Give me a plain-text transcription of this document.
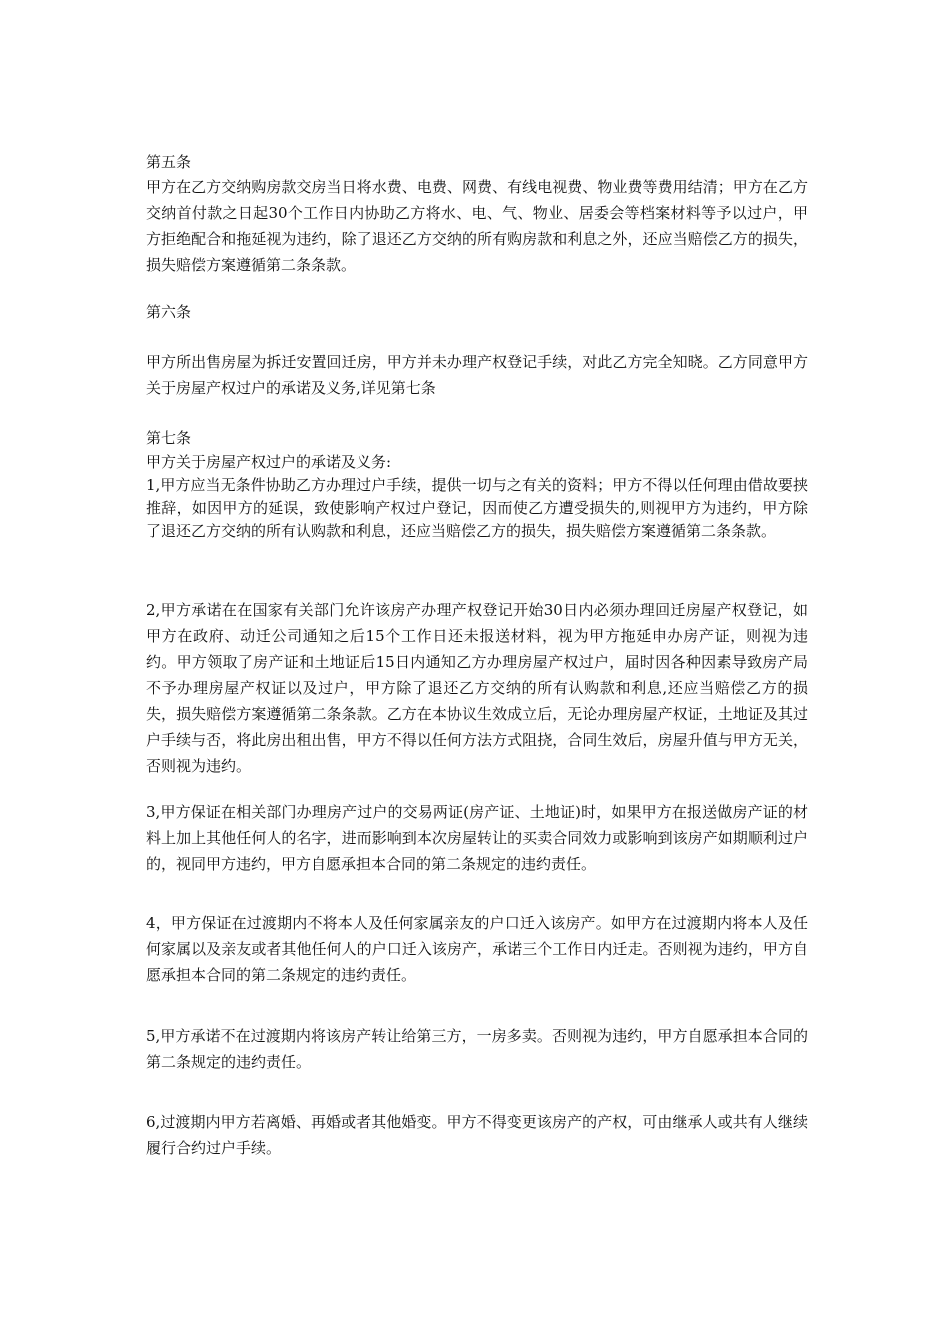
第五条
甲方在乙方交纳购房款交房当日将水费、电费、网费、有线电视费、物业费等费用结清；甲方在乙方交纳首付款之日起30个工作日内协助乙方将水、电、气、物业、居委会等档案材料等予以过户，甲方拒绝配合和拖延视为违约，除了退还乙方交纳的所有购房款和利息之外，还应当赔偿乙方的损失，损失赔偿方案遵循第二条条款。
第六条
甲方所出售房屋为拆迁安置回迁房，甲方并未办理产权登记手续，对此乙方完全知晓。乙方同意甲方关于房屋产权过户的承诺及义务,详见第七条
第七条
甲方关于房屋产权过户的承诺及义务:
1,甲方应当无条件协助乙方办理过户手续，提供一切与之有关的资料；甲方不得以任何理由借故要挟推辞，如因甲方的延误，致使影响产权过户登记，因而使乙方遭受损失的,则视甲方为违约，甲方除了退还乙方交纳的所有认购款和利息，还应当赔偿乙方的损失，损失赔偿方案遵循第二条条款。
2,甲方承诺在在国家有关部门允许该房产办理产权登记开始30日内必须办理回迁房屋产权登记，如甲方在政府、动迁公司通知之后15个工作日还未报送材料，视为甲方拖延申办房产证，则视为违约。甲方领取了房产证和土地证后15日内通知乙方办理房屋产权过户，届时因各种因素导致房产局不予办理房屋产权证以及过户，甲方除了退还乙方交纳的所有认购款和利息,还应当赔偿乙方的损失，损失赔偿方案遵循第二条条款。乙方在本协议生效成立后，无论办理房屋产权证，土地证及其过户手续与否，将此房出租出售，甲方不得以任何方法方式阻挠，合同生效后，房屋升值与甲方无关，否则视为违约。
3,甲方保证在相关部门办理房产过户的交易两证(房产证、土地证)时，如果甲方在报送做房产证的材料上加上其他任何人的名字，进而影响到本次房屋转让的买卖合同效力或影响到该房产如期顺利过户的，视同甲方违约，甲方自愿承担本合同的第二条规定的违约责任。
4，甲方保证在过渡期内不将本人及任何家属亲友的户口迁入该房产。如甲方在过渡期内将本人及任何家属以及亲友或者其他任何人的户口迁入该房产，承诺三个工作日内迁走。否则视为违约，甲方自愿承担本合同的第二条规定的违约责任。
5,甲方承诺不在过渡期内将该房产转让给第三方，一房多卖。否则视为违约，甲方自愿承担本合同的第二条规定的违约责任。
6,过渡期内甲方若离婚、再婚或者其他婚变。甲方不得变更该房产的产权，可由继承人或共有人继续履行合约过户手续。
